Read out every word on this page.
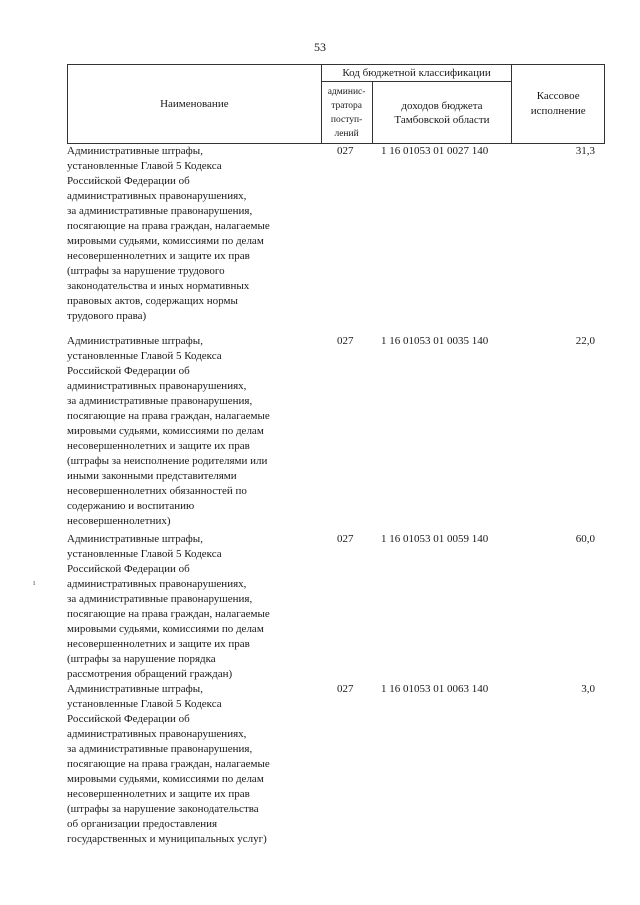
53
Наименование	Код бюджетной классификации		Кассовое
исполнение
	админис-
тратора
поступ-
лений	доходов бюджета
Тамбовской области	
Административные штрафы,
установленные Главой 5 Кодекса
Российской Федерации об
административных правонарушениях,
за административные правонарушения,
посягающие на права граждан, налагаемые
мировыми судьями, комиссиями по делам
несовершеннолетних и защите их прав
(штрафы за нарушение трудового
законодательства и иных нормативных
правовых актов, содержащих нормы
трудового права)
027	1 16 01053 01 0027 140	31,3
Административные штрафы,
установленные Главой 5 Кодекса
Российской Федерации об
административных правонарушениях,
за административные правонарушения,
посягающие на права граждан, налагаемые
мировыми судьями, комиссиями по делам
несовершеннолетних и защите их прав
(штрафы за неисполнение родителями или
иными законными представителями
несовершеннолетних обязанностей по
содержанию и воспитанию
несовершеннолетних)
027	1 16 01053 01 0035 140	22,0
Административные штрафы,
установленные Главой 5 Кодекса
Российской Федерации об
административных правонарушениях,
за административные правонарушения,
посягающие на права граждан, налагаемые
мировыми судьями, комиссиями по делам
несовершеннолетних и защите их прав
(штрафы за нарушение порядка
рассмотрения обращений граждан)
027	1 16 01053 01 0059 140	60,0
Административные штрафы,
установленные Главой 5 Кодекса
Российской Федерации об
административных правонарушениях,
за административные правонарушения,
посягающие на права граждан, налагаемые
мировыми судьями, комиссиями по делам
несовершеннолетних и защите их прав
(штрафы за нарушение законодательства
об организации предоставления
государственных и муниципальных услуг)
027	1 16 01053 01 0063 140	3,0
ı
